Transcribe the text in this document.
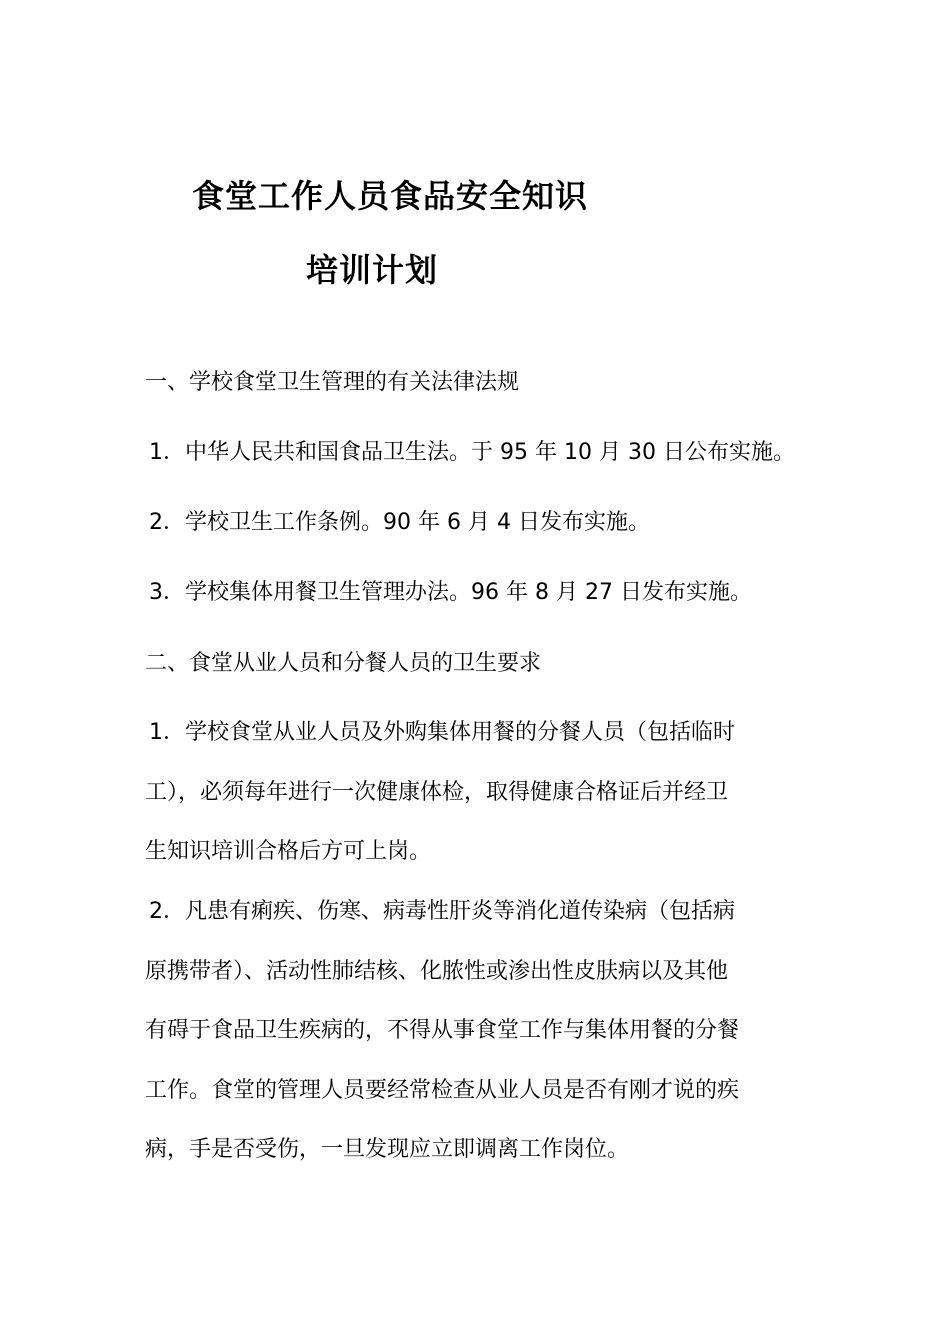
食堂工作人员食品安全知识
培训计划
一、学校食堂卫生管理的有关法律法规
1．中华人民共和国食品卫生法。于 95 年 10 月 30 日公布实施。
2．学校卫生工作条例。90 年 6 月 4 日发布实施。
3．学校集体用餐卫生管理办法。96 年 8 月 27 日发布实施。
二、食堂从业人员和分餐人员的卫生要求
1．学校食堂从业人员及外购集体用餐的分餐人员（包括临时
工），必须每年进行一次健康体检，取得健康合格证后并经卫
生知识培训合格后方可上岗。
2．凡患有痢疾、伤寒、病毒性肝炎等消化道传染病（包括病
原携带者）、活动性肺结核、化脓性或渗出性皮肤病以及其他
有碍于食品卫生疾病的，不得从事食堂工作与集体用餐的分餐
工作。食堂的管理人员要经常检查从业人员是否有刚才说的疾
病，手是否受伤，一旦发现应立即调离工作岗位。
